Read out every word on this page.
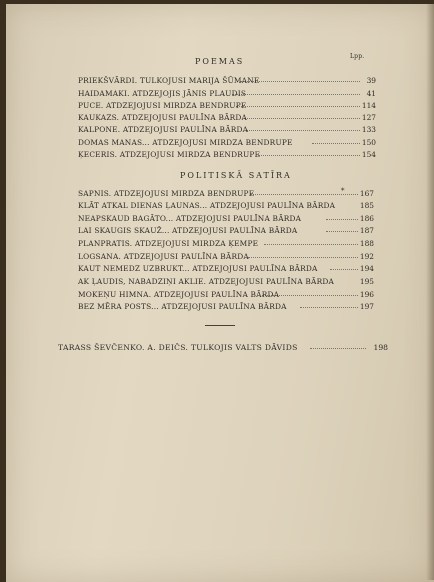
Lpp.
POEMAS
PRIEKŠVĀRDI. TULKOJUSI MARIJA ŠŪMANE	39
HAIDAMAKI. ATDZEJOJIS JĀNIS PLAUDIS	41
PUCE. ATDZEJOJUSI MIRDZA BENDRUPE	114
KAUKAZS. ATDZEJOJUSI PAULĪNA BĀRDA	127
KALPONE. ATDZEJOJUSI PAULĪNA BĀRDA	133
DOMAS MANAS... ATDZEJOJUSI MIRDZA BENDRUPE	150
ĶECERIS. ATDZEJOJUSI MIRDZA BENDRUPE	154
POLITISKĀ SATĪRA
*
SAPNIS. ATDZEJOJUSI MIRDZA BENDRUPE	167
KLĀT ATKAL DIENAS ĻAUNAS... ATDZEJOJUSI PAULĪNA BĀRDA	185
NEAPSKAUD BAGĀTO... ATDZEJOJUSI PAULĪNA BĀRDA	186
LAI SKAUGIS SKAUŽ... ATDZEJOJUSI PAULĪNA BĀRDA	187
PLANPRATIS. ATDZEJOJUSI MIRDZA ĶEMPE	188
LOGSANA. ATDZEJOJUSI PAULĪNA BĀRDA	192
KAUT NEMEDZ UZBRUKT... ATDZEJOJUSI PAULĪNA BĀRDA	194
AK ĻAUDIS, NABADZIŅI AKLIE. ATDZEJOJUSI PAULĪNA BĀRDA	195
MOKEŅU HIMNA. ATDZEJOJUSI PAULĪNA BĀRDA	196
BEZ MĒRA POSTS... ATDZEJOJUSI PAULĪNA BĀRDA	197
TARASS ŠEVČENKO. A. DEIČS. TULKOJIS VALTS DĀVIDS	198
